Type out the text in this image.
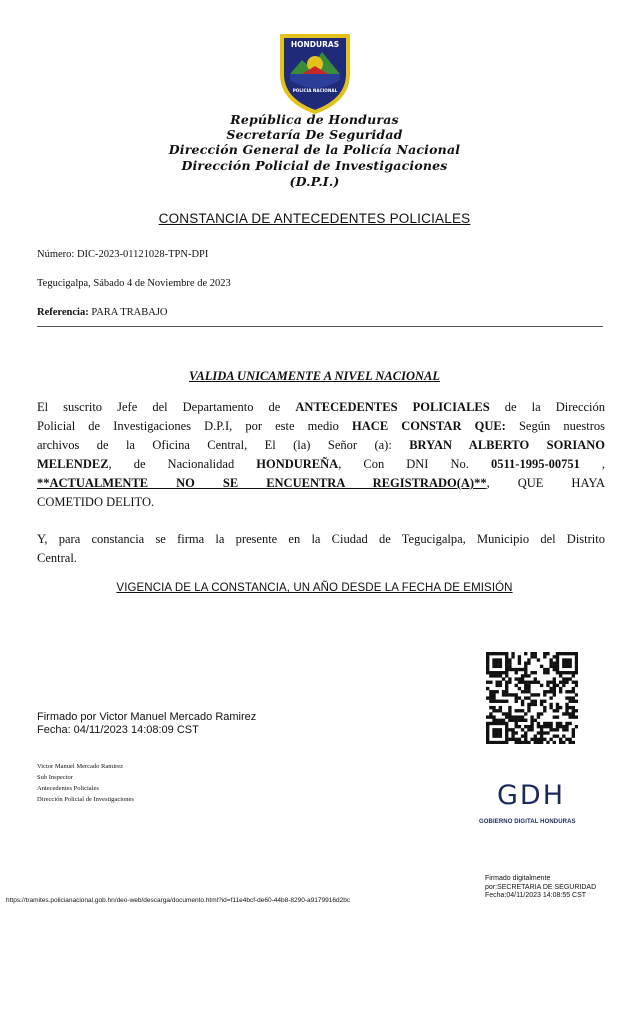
HONDURAS
POLICIA NACIONAL
República de Honduras
Secretaría De Seguridad
Dirección General de la Policía Nacional
Dirección Policial de Investigaciones
(D.P.I.)
CONSTANCIA DE ANTECEDENTES POLICIALES
Número: DIC-2023-01121028-TPN-DPI
Tegucigalpa, Sábado 4 de Noviembre de 2023
Referencia: PARA TRABAJO
VALIDA UNICAMENTE A NIVEL NACIONAL
El suscrito Jefe del Departamento de ANTECEDENTES POLICIALES de la Dirección
Policial de Investigaciones D.P.I, por este medio HACE CONSTAR QUE: Según nuestros
archivos de la Oficina Central, El (la) Señor (a): BRYAN ALBERTO SORIANO
MELENDEZ, de Nacionalidad HONDUREÑA, Con DNI No. 0511-1995-00751 ,
**ACTUALMENTE NO SE ENCUENTRA REGISTRADO(A)**, QUE HAYA
COMETIDO DELITO.
Y, para constancia se firma la presente en la Ciudad de Tegucigalpa, Municipio del Distrito
Central.
VIGENCIA DE LA CONSTANCIA, UN AÑO DESDE LA FECHA DE EMISIÓN
Firmado por Victor Manuel Mercado Ramirez
Fecha: 04/11/2023 14:08:09 CST
Victor Manuel Mercado Ramirez
Sub Inspector
Antecedentes Policiales
Dirección Policial de Investigaciones	GDH
GOBIERNO DIGITAL HONDURAS
https://tramites.policianacional.gob.hn/deo-web/descarga/documento.html?id=f11e4bcf-de60-44b8-8290-a9179916d2bc
Firmado digitalmente
por:SECRETARIA DE SEGURIDAD
Fecha:04/11/2023 14:08:55 CST
